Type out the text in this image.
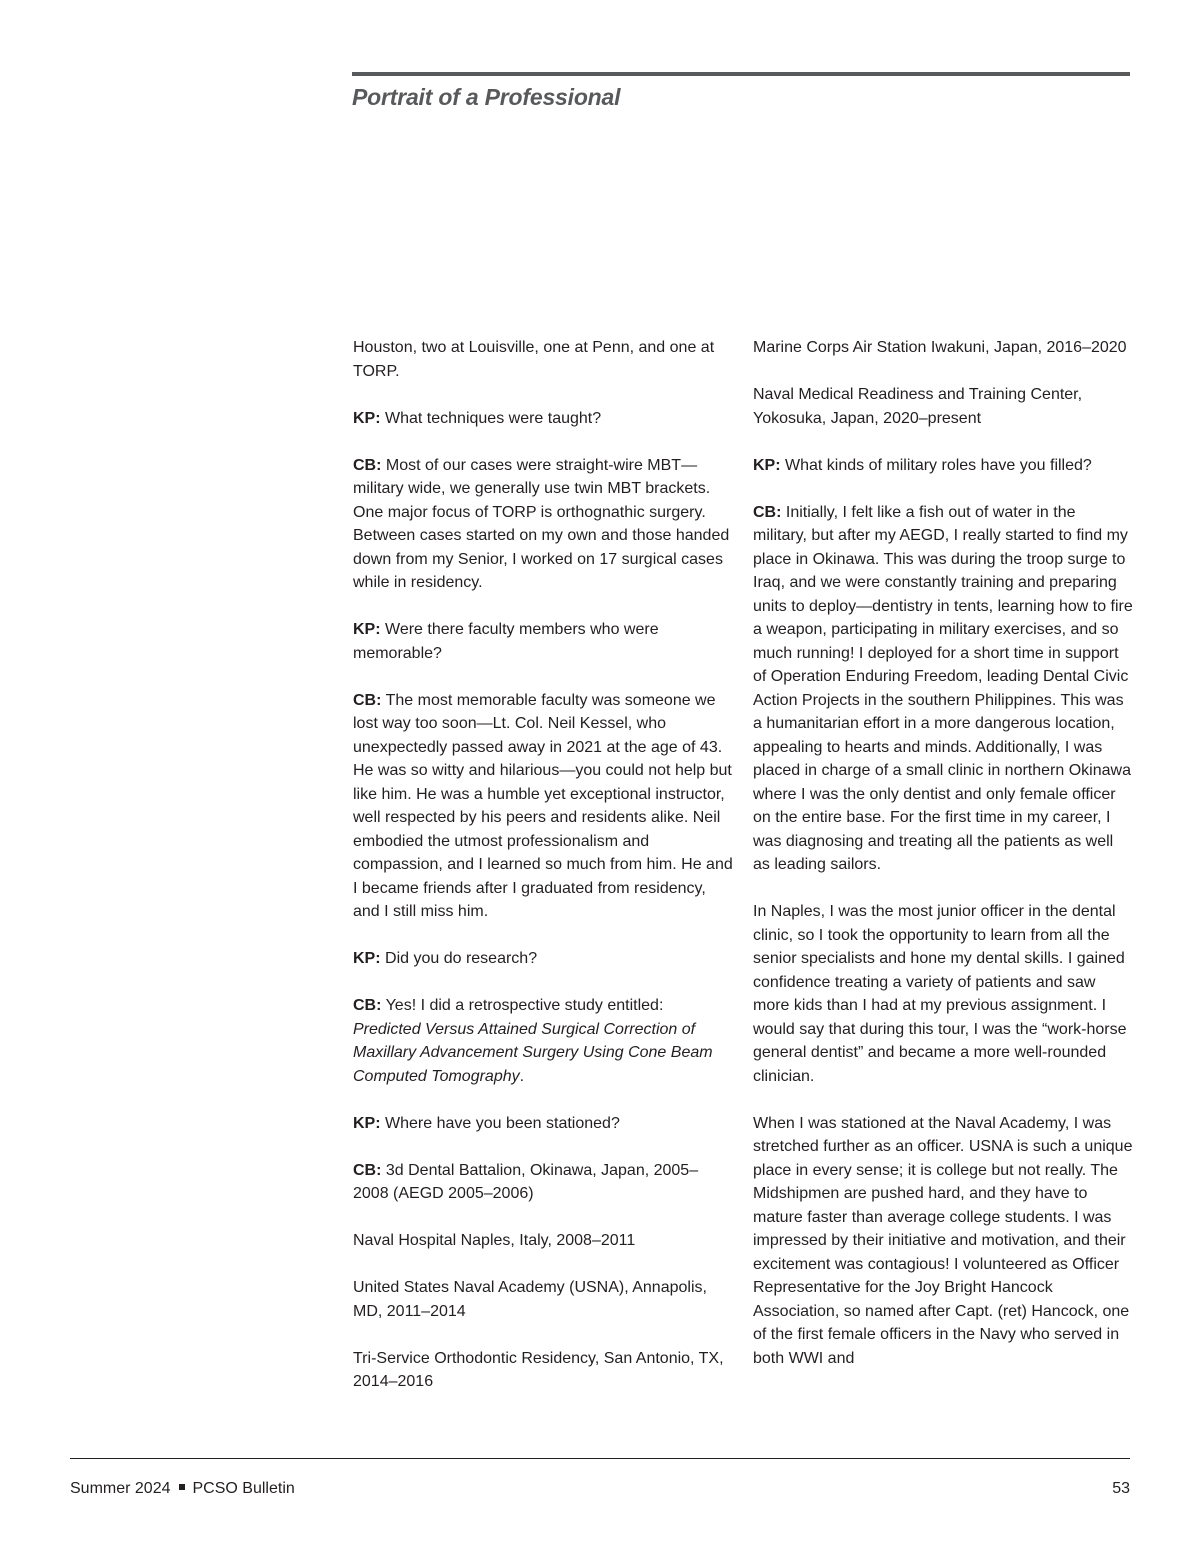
Portrait of a Professional

Houston, two at Louisville, one at Penn, and one at TORP.

KP: What techniques were taught?

CB: Most of our cases were straight-wire MBT—military wide, we generally use twin MBT brackets. One major focus of TORP is orthognathic surgery. Between cases started on my own and those handed down from my Senior, I worked on 17 surgical cases while in residency.

KP: Were there faculty members who were memorable?

CB: The most memorable faculty was someone we lost way too soon—Lt. Col. Neil Kessel, who unexpectedly passed away in 2021 at the age of 43. He was so witty and hilarious—you could not help but like him. He was a humble yet exceptional instructor, well respected by his peers and residents alike. Neil embodied the utmost professionalism and compassion, and I learned so much from him. He and I became friends after I graduated from residency, and I still miss him.

KP: Did you do research?

CB: Yes! I did a retrospective study entitled: Predicted Versus Attained Surgical Correction of Maxillary Advancement Surgery Using Cone Beam Computed Tomography.

KP: Where have you been stationed?

CB: 3d Dental Battalion, Okinawa, Japan, 2005–2008 (AEGD 2005–2006)

Naval Hospital Naples, Italy, 2008–2011

United States Naval Academy (USNA), Annapolis, MD, 2011–2014

Tri-Service Orthodontic Residency, San Antonio, TX, 2014–2016

Marine Corps Air Station Iwakuni, Japan, 2016–2020

Naval Medical Readiness and Training Center, Yokosuka, Japan, 2020–present

KP: What kinds of military roles have you filled?

CB: Initially, I felt like a fish out of water in the military, but after my AEGD, I really started to find my place in Okinawa. This was during the troop surge to Iraq, and we were constantly training and preparing units to deploy—dentistry in tents, learning how to fire a weapon, participating in military exercises, and so much running! I deployed for a short time in support of Operation Enduring Freedom, leading Dental Civic Action Projects in the southern Philippines. This was a humanitarian effort in a more dangerous location, appealing to hearts and minds. Additionally, I was placed in charge of a small clinic in northern Okinawa where I was the only dentist and only female officer on the entire base. For the first time in my career, I was diagnosing and treating all the patients as well as leading sailors.

In Naples, I was the most junior officer in the dental clinic, so I took the opportunity to learn from all the senior specialists and hone my dental skills. I gained confidence treating a variety of patients and saw more kids than I had at my previous assignment. I would say that during this tour, I was the “work-horse general dentist” and became a more well-rounded clinician.

When I was stationed at the Naval Academy, I was stretched further as an officer. USNA is such a unique place in every sense; it is college but not really. The Midshipmen are pushed hard, and they have to mature faster than average college students. I was impressed by their initiative and motivation, and their excitement was contagious! I volunteered as Officer Representative for the Joy Bright Hancock Association, so named after Capt. (ret) Hancock, one of the first female officers in the Navy who served in both WWI and

Summer 2024 PCSO Bulletin	53
